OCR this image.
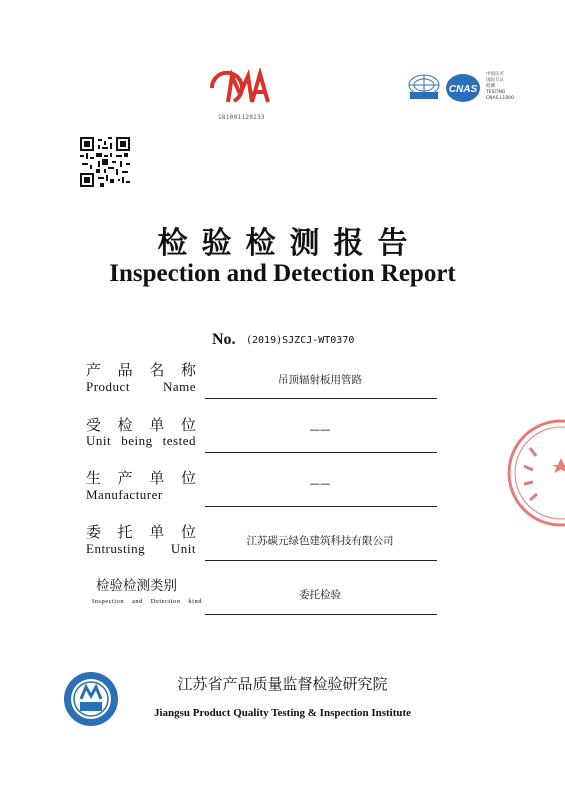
181001120233
CNAS
中国认可
国际互认
检测
TESTING
CNAS L1800
检验检测报告
Inspection and Detection Report
No. (2019)SJZCJ-WT0370
产品名称
Product Name	吊顶辐射板用管路
受检单位
Unit being tested
——
生产单位
Manufacturer
——
委托单位
Entrusting Unit	江苏碳元绿色建筑科技有限公司
检验检测类别
Inspection and Detection kind
委托检验
江苏省产品质量监督检验研究院
Jiangsu Product Quality Testing & Inspection Institute
